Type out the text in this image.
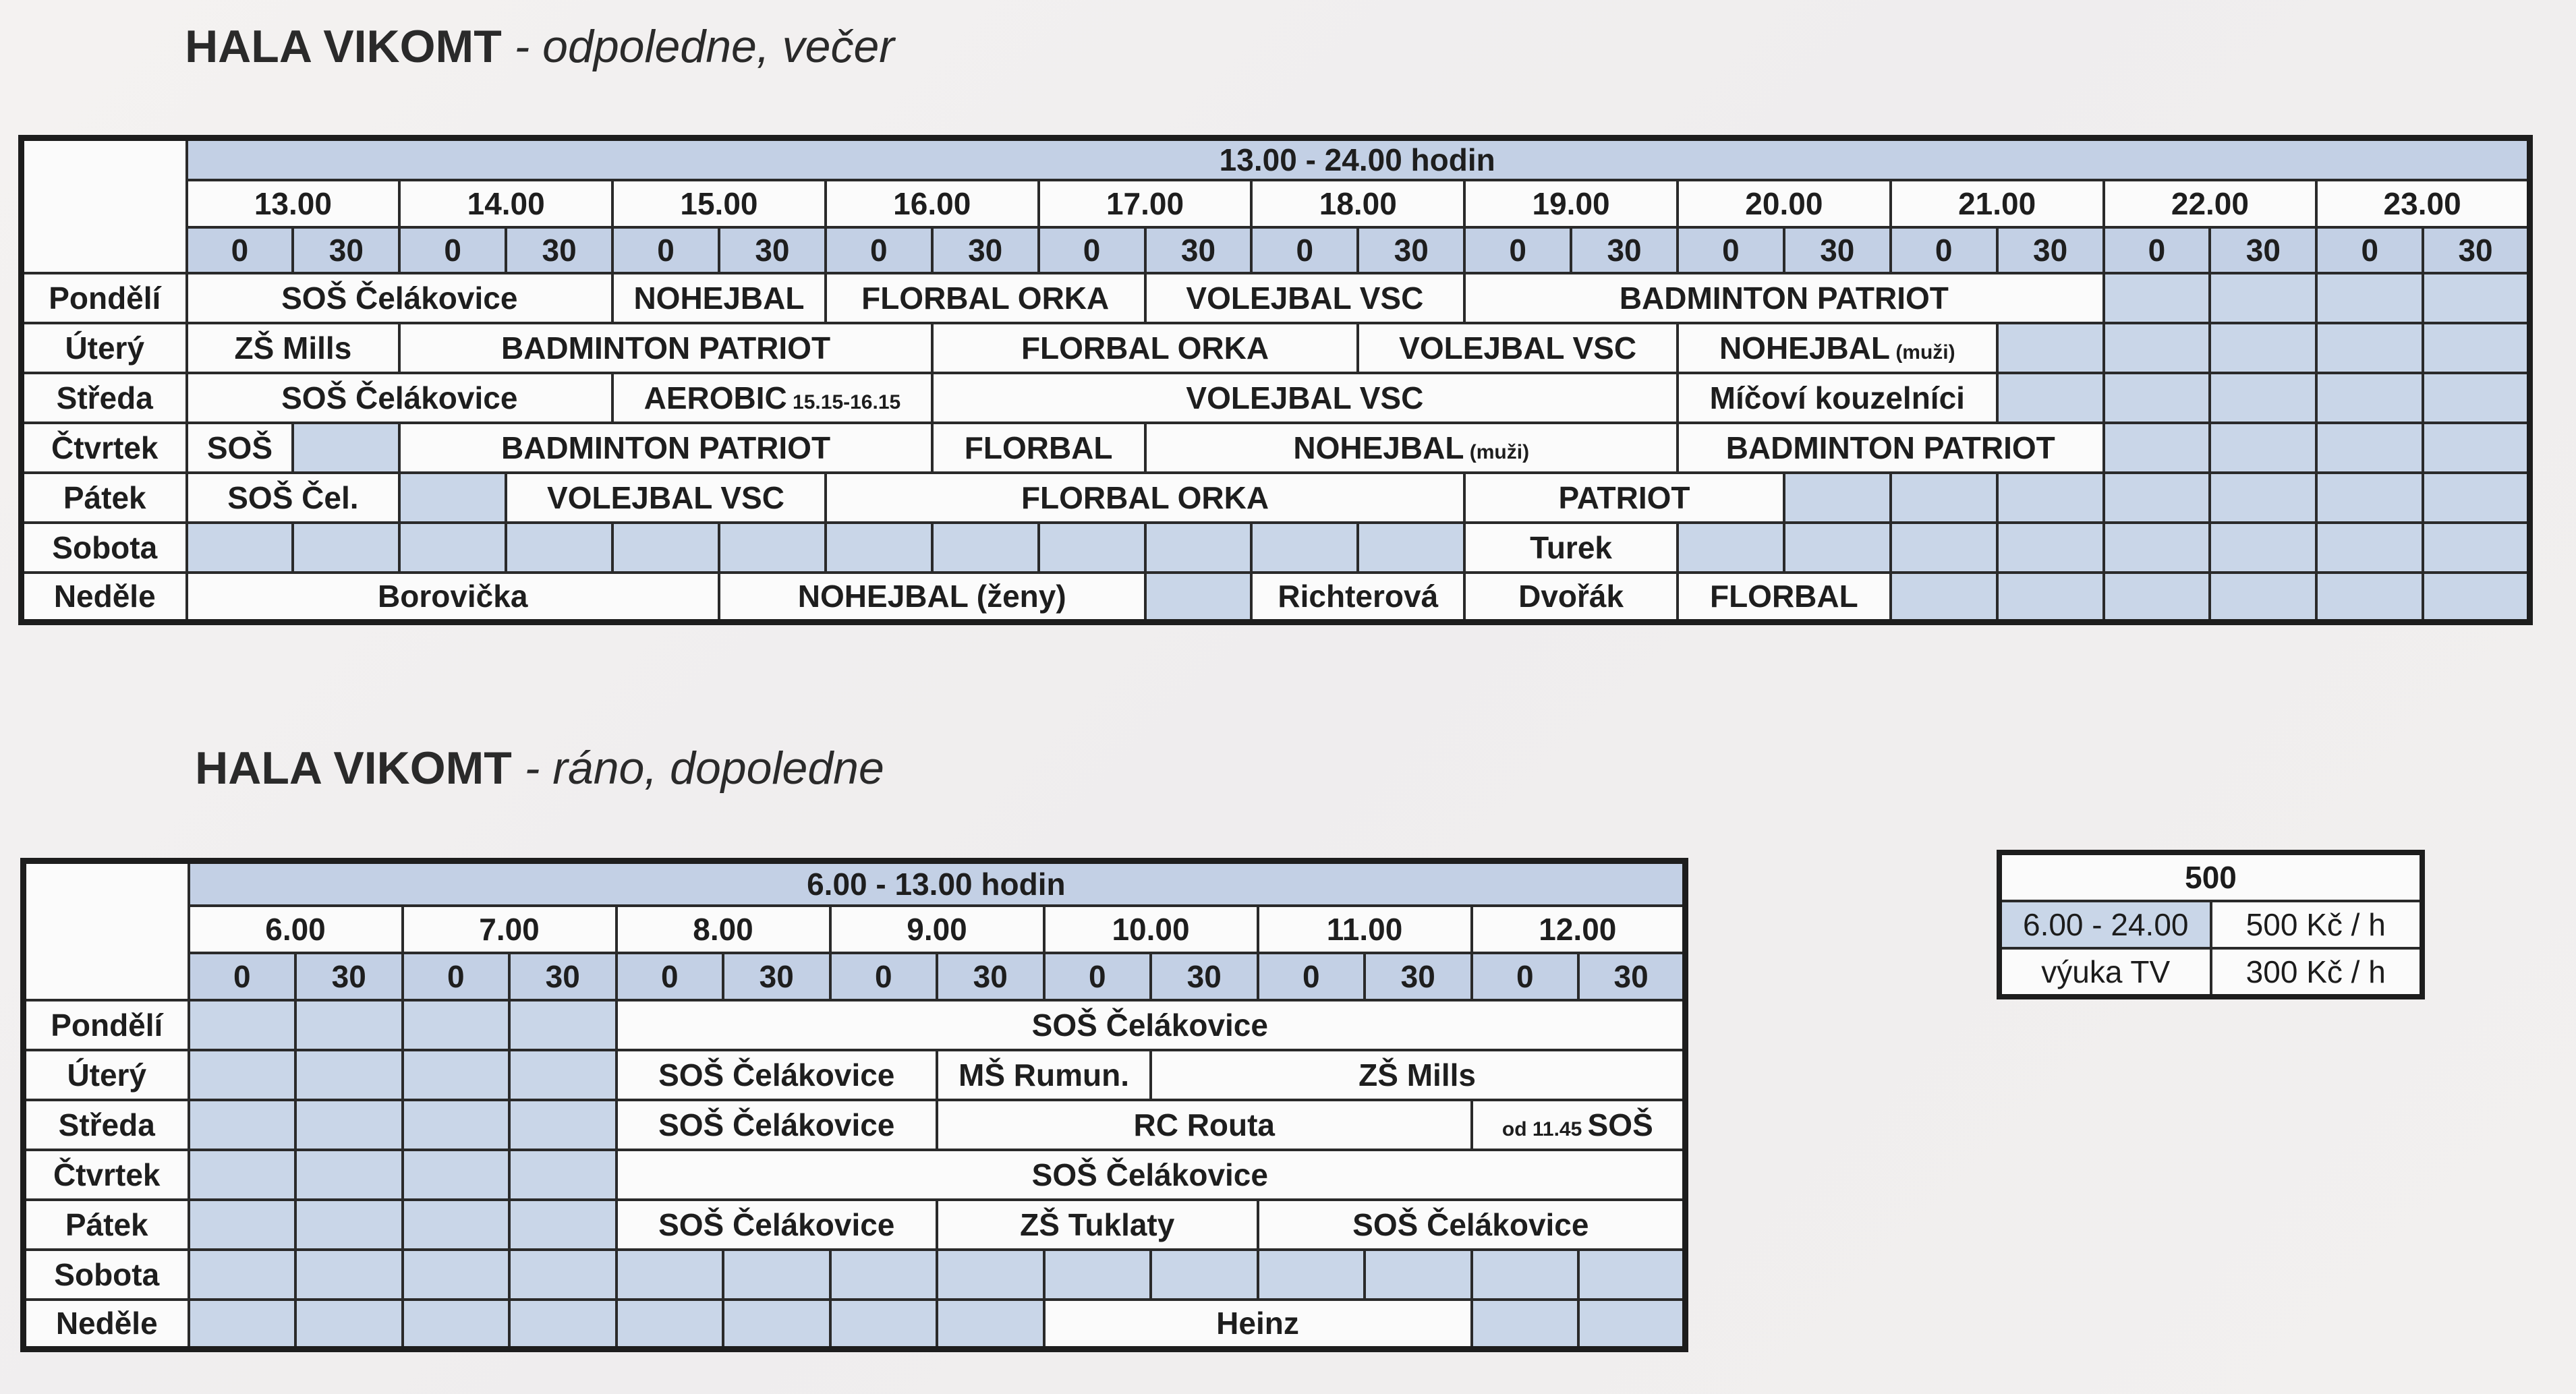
HALA VIKOMT - odpoledne, večer
	13.00 - 24.00 hodin																					
	13.00		14.00		15.00		16.00		17.00		18.00		19.00		20.00		21.00		22.00		23.00	
	0	30	0	30	0	30	0	30	0	30	0	30	0	30	0	30	0	30	0	30	0	30
Pondělí	SOŠ Čelákovice				NOHEJBAL		FLORBAL ORKA			VOLEJBAL VSC			BADMINTON PATRIOT									
Úterý	ZŠ Mills		BADMINTON PATRIOT					FLORBAL ORKA				VOLEJBAL VSC			NOHEJBAL (muži)							
Středa	SOŠ Čelákovice				AEROBIC 15.15-16.15			VOLEJBAL VSC							Míčoví kouzelníci							
Čtvrtek	SOŠ		BADMINTON PATRIOT					FLORBAL		NOHEJBAL (muži)					BADMINTON PATRIOT							
Pátek	SOŠ Čel.			VOLEJBAL VSC			FLORBAL ORKA						PATRIOT									
Sobota													Turek									
Neděle	Borovička					NOHEJBAL (ženy)					Richterová		Dvořák		FLORBAL							
HALA VIKOMT - ráno, dopoledne
	6.00 - 13.00 hodin													
	6.00		7.00		8.00		9.00		10.00		11.00		12.00	
	0	30	0	30	0	30	0	30	0	30	0	30	0	30
Pondělí					SOŠ Čelákovice									
Úterý					SOŠ Čelákovice			MŠ Rumun.		ZŠ Mills				
Středa					SOŠ Čelákovice			RC Routa					od 11.45 SOŠ	
Čtvrtek					SOŠ Čelákovice									
Pátek					SOŠ Čelákovice			ZŠ Tuklaty			SOŠ Čelákovice			
Sobota														
Neděle									Heinz					
500	
6.00 - 24.00	500 Kč / h
výuka TV	300 Kč / h
